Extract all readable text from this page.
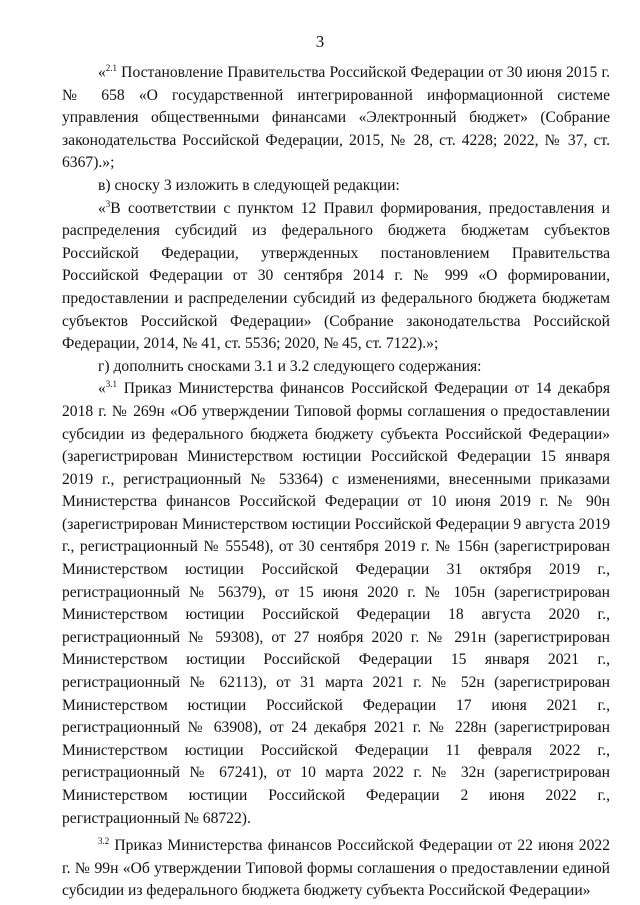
3

«$^{2.1}$ Постановление Правительства Российской Федерации от 30 июня 2015 г. № 658 «О государственной интегрированной информационной системе управления общественными финансами «Электронный бюджет» (Собрание законодательства Российской Федерации, 2015, № 28, ст. 4228; 2022, № 37, ст. 6367).»;

в) сноску 3 изложить в следующей редакции:

«$^3$В соответствии с пунктом 12 Правил формирования, предоставления и распределения субсидий из федерального бюджета бюджетам субъектов Российской Федерации, утвержденных постановлением Правительства Российской Федерации от 30 сентября 2014 г. № 999 «О формировании, предоставлении и распределении субсидий из федерального бюджета бюджетам субъектов Российской Федерации» (Собрание законодательства Российской Федерации, 2014, № 41, ст. 5536; 2020, № 45, ст. 7122).»;

г) дополнить сносками 3.1 и 3.2 следующего содержания:

«$^{3.1}$ Приказ Министерства финансов Российской Федерации от 14 декабря 2018 г. № 269н «Об утверждении Типовой формы соглашения о предоставлении субсидии из федерального бюджета бюджету субъекта Российской Федерации» (зарегистрирован Министерством юстиции Российской Федерации 15 января 2019 г., регистрационный № 53364) с изменениями, внесенными приказами Министерства финансов Российской Федерации от 10 июня 2019 г. № 90н (зарегистрирован Министерством юстиции Российской Федерации 9 августа 2019 г., регистрационный № 55548), от 30 сентября 2019 г. № 156н (зарегистрирован Министерством юстиции Российской Федерации 31 октября 2019 г., регистрационный № 56379), от 15 июня 2020 г. № 105н (зарегистрирован Министерством юстиции Российской Федерации 18 августа 2020 г., регистрационный № 59308), от 27 ноября 2020 г. № 291н (зарегистрирован Министерством юстиции Российской Федерации 15 января 2021 г., регистрационный № 62113), от 31 марта 2021 г. № 52н (зарегистрирован Министерством юстиции Российской Федерации 17 июня 2021 г., регистрационный № 63908), от 24 декабря 2021 г. № 228н (зарегистрирован Министерством юстиции Российской Федерации 11 февраля 2022 г., регистрационный № 67241), от 10 марта 2022 г. № 32н (зарегистрирован Министерством юстиции Российской Федерации 2 июня 2022 г., регистрационный № 68722).

$^{3.2}$ Приказ Министерства финансов Российской Федерации от 22 июня 2022 г. № 99н «Об утверждении Типовой формы соглашения о предоставлении единой субсидии из федерального бюджета бюджету субъекта Российской Федерации»
